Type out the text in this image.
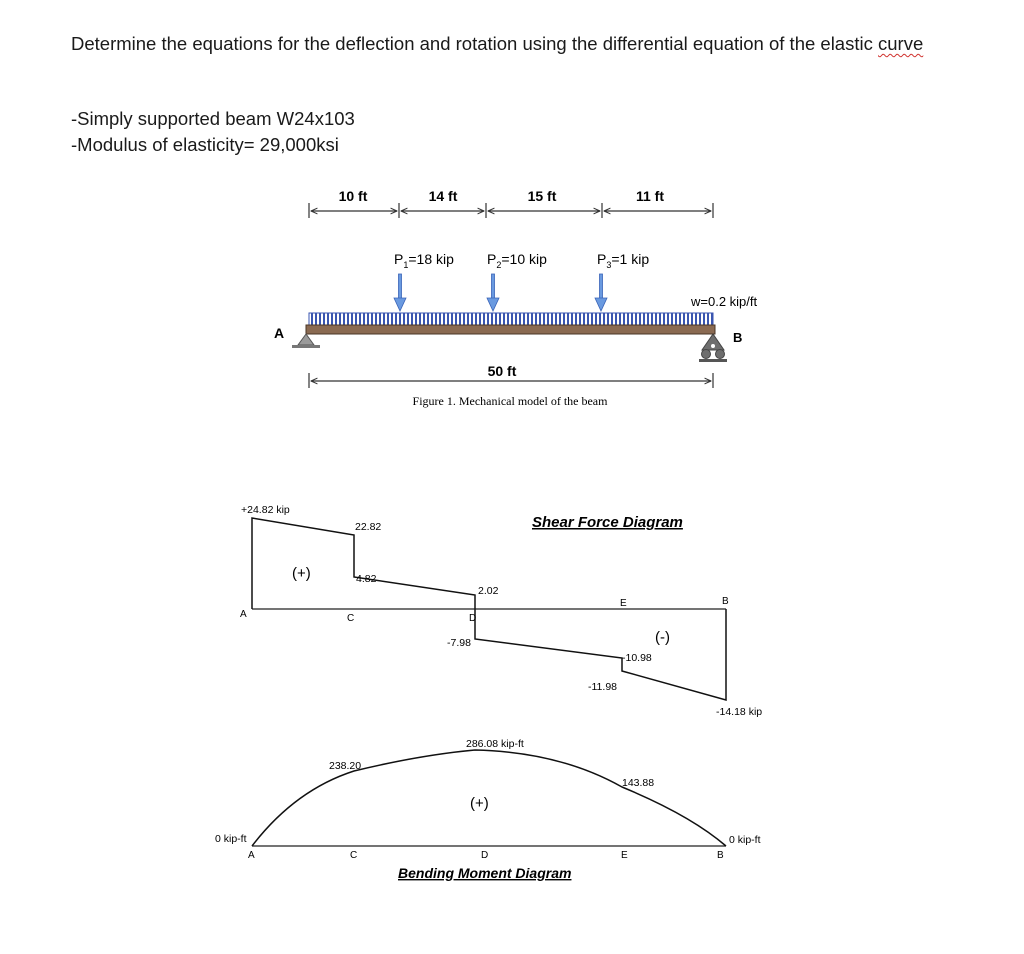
Determine the equations for the deflection and rotation using the differential equation of the elastic curve

-Simply supported beam W24x103

-Modulus of elasticity= 29,000ksi

10 ft	14 ft	15 ft	11 ft
$P_1=18$ kip $P_2=10$ kip	$P_3=1$ kip
w=0.2 kip/ft
A	B
50 ft
Figure 1. Mechanical model of the beam
+24.82 kip
22.82
4.82
2.02
-7.98
-10.98
-11.98
-14.18 kip
(+)
(-)
A	C	D
E	B
Shear Force Diagram
286.08 kip-ft
238.20
143.88
0 kip-ft	0 kip-ft
(+)
A	C	D	E	B
Bending Moment Diagram
